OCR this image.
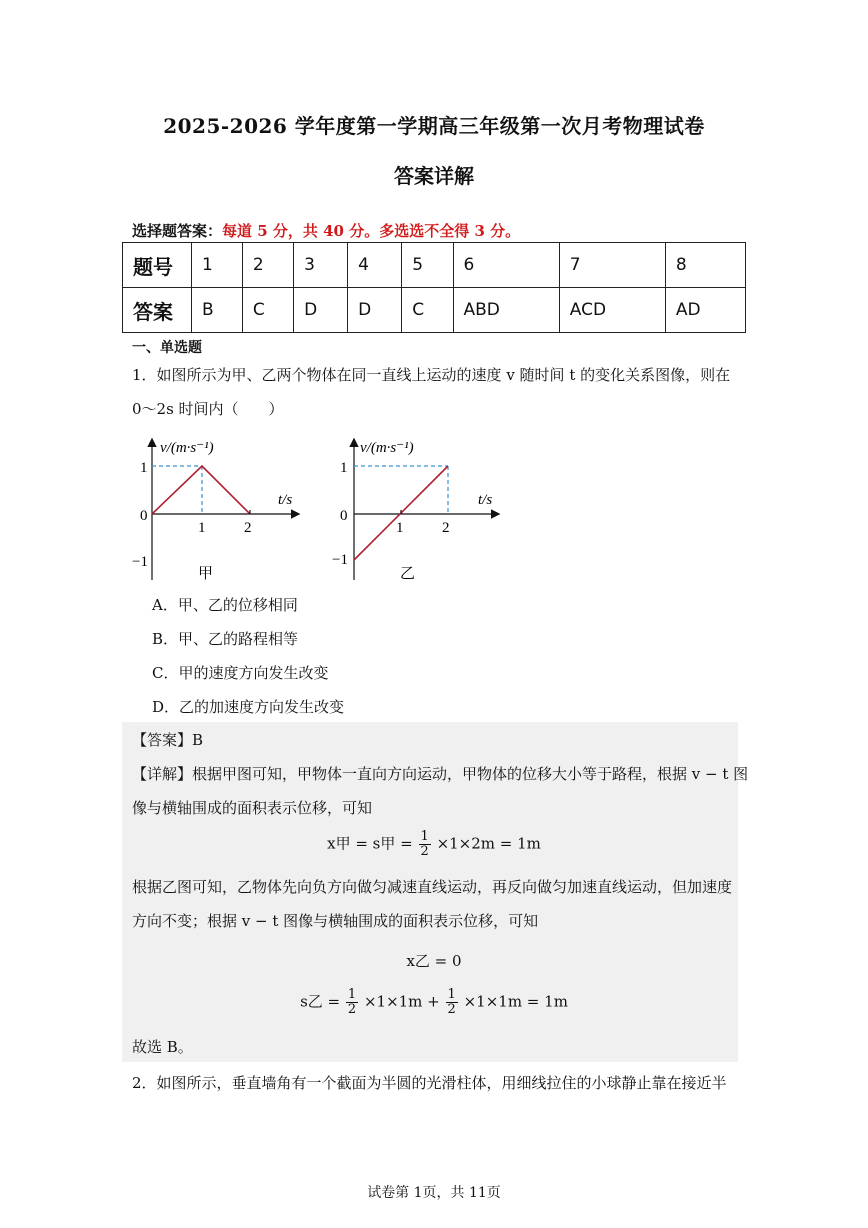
2025-2026 学年度第一学期高三年级第一次月考物理试卷
答案详解
选择题答案：每道 5 分，共 40 分。多选选不全得 3 分。
题号	1	2	3	4	5	6	7	8
答案	B	C	D	D	C	ABD	ACD	AD
一、单选题
1．如图所示为甲、乙两个物体在同一直线上运动的速度 v 随时间 t 的变化关系图像，则在
0～2s 时间内（　　）
v/(m·s⁻¹)
t/s
1
0
−1
1	2
甲
v/(m·s⁻¹)
t/s
1
0
−1
1	2
乙
A．甲、乙的位移相同
B．甲、乙的路程相等
C．甲的速度方向发生改变
D．乙的加速度方向发生改变
【答案】B
【详解】根据甲图可知，甲物体一直向方向运动，甲物体的位移大小等于路程，根据 v − t 图
像与横轴围成的面积表示位移，可知
x甲 = s甲 = $\frac{1}{2} \times 1\times 2m = 1m$
根据乙图可知，乙物体先向负方向做匀减速直线运动，再反向做匀加速直线运动，但加速度
方向不变；根据 v − t 图像与横轴围成的面积表示位移，可知
x乙 = 0
s乙 = $\frac{1}{2} \times 1\times 1m + \frac{1}{2} \times 1\times 1m = 1m$
故选 B。
2．如图所示，垂直墙角有一个截面为半圆的光滑柱体，用细线拉住的小球静止靠在接近半
试卷第 1页，共 11页
